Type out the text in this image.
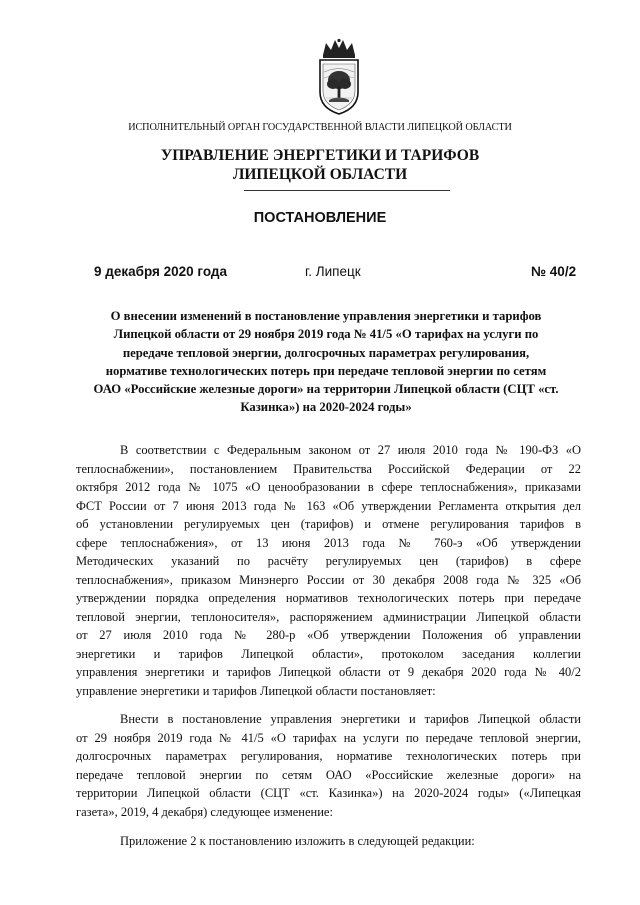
ИСПОЛНИТЕЛЬНЫЙ ОРГАН ГОСУДАРСТВЕННОЙ ВЛАСТИ ЛИПЕЦКОЙ ОБЛАСТИ
УПРАВЛЕНИЕ ЭНЕРГЕТИКИ И ТАРИФОВ
ЛИПЕЦКОЙ ОБЛАСТИ
ПОСТАНОВЛЕНИЕ
9 декабря 2020 года	г. Липецк	№ 40/2
О внесении изменений в постановление управления энергетики и тарифов
Липецкой области от 29 ноября 2019 года № 41/5 «О тарифах на услуги по
передаче тепловой энергии, долгосрочных параметрах регулирования,
нормативе технологических потерь при передаче тепловой энергии по сетям
ОАО «Российские железные дороги» на территории Липецкой области (СЦТ «ст.
Казинка») на 2020-2024 годы»
В соответствии с Федеральным законом от 27 июля 2010 года № 190-ФЗ «О
теплоснабжении», постановлением Правительства Российской Федерации от 22
октября 2012 года № 1075 «О ценообразовании в сфере теплоснабжения», приказами
ФСТ России от 7 июня 2013 года № 163 «Об утверждении Регламента открытия дел
об установлении регулируемых цен (тарифов) и отмене регулирования тарифов в
сфере теплоснабжения», от 13 июня 2013 года № 760-э «Об утверждении
Методических указаний по расчёту регулируемых цен (тарифов) в сфере
теплоснабжения», приказом Минэнерго России от 30 декабря 2008 года № 325 «Об
утверждении порядка определения нормативов технологических потерь при передаче
тепловой энергии, теплоносителя», распоряжением администрации Липецкой области
от 27 июля 2010 года № 280-р «Об утверждении Положения об управлении
энергетики и тарифов Липецкой области», протоколом заседания коллегии
управления энергетики и тарифов Липецкой области от 9 декабря 2020 года № 40/2
управление энергетики и тарифов Липецкой области постановляет:
Внести в постановление управления энергетики и тарифов Липецкой области
от 29 ноября 2019 года № 41/5 «О тарифах на услуги по передаче тепловой энергии,
долгосрочных параметрах регулирования, нормативе технологических потерь при
передаче тепловой энергии по сетям ОАО «Российские железные дороги» на
территории Липецкой области (СЦТ «ст. Казинка») на 2020-2024 годы» («Липецкая
газета», 2019, 4 декабря) следующее изменение:
Приложение 2 к постановлению изложить в следующей редакции:
